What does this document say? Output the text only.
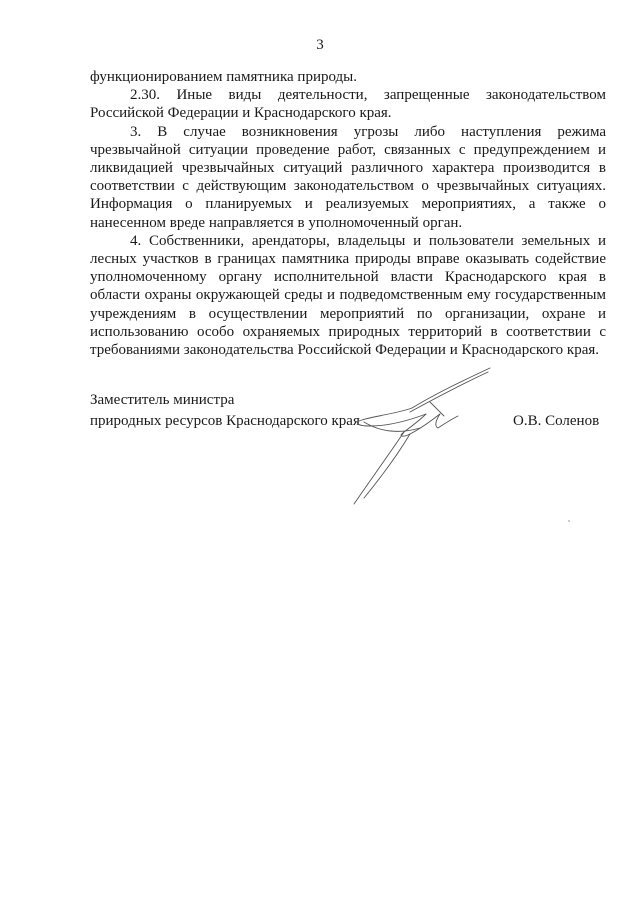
3

функционированием памятника природы.

2.30. Иные виды деятельности, запрещенные законодательством Российской Федерации и Краснодарского края.

3. В случае возникновения угрозы либо наступления режима чрезвычайной ситуации проведение работ, связанных с предупреждением и ликвидацией чрезвычайных ситуаций различного характера производится в соответствии с действующим законодательством о чрезвычайных ситуациях. Информация о планируемых и реализуемых мероприятиях, а также о нанесенном вреде направляется в уполномоченный орган.

4. Собственники, арендаторы, владельцы и пользователи земельных и лесных участков в границах памятника природы вправе оказывать содействие уполномоченному органу исполнительной власти Краснодарского края в области охраны окружающей среды и подведомственным ему государственным учреждениям в осуществлении мероприятий по организации, охране и использованию особо охраняемых природных территорий в соответствии с требованиями законодательства Российской Федерации и Краснодарского края.

Заместитель министра
природных ресурсов Краснодарского края	О.В. Соленов
